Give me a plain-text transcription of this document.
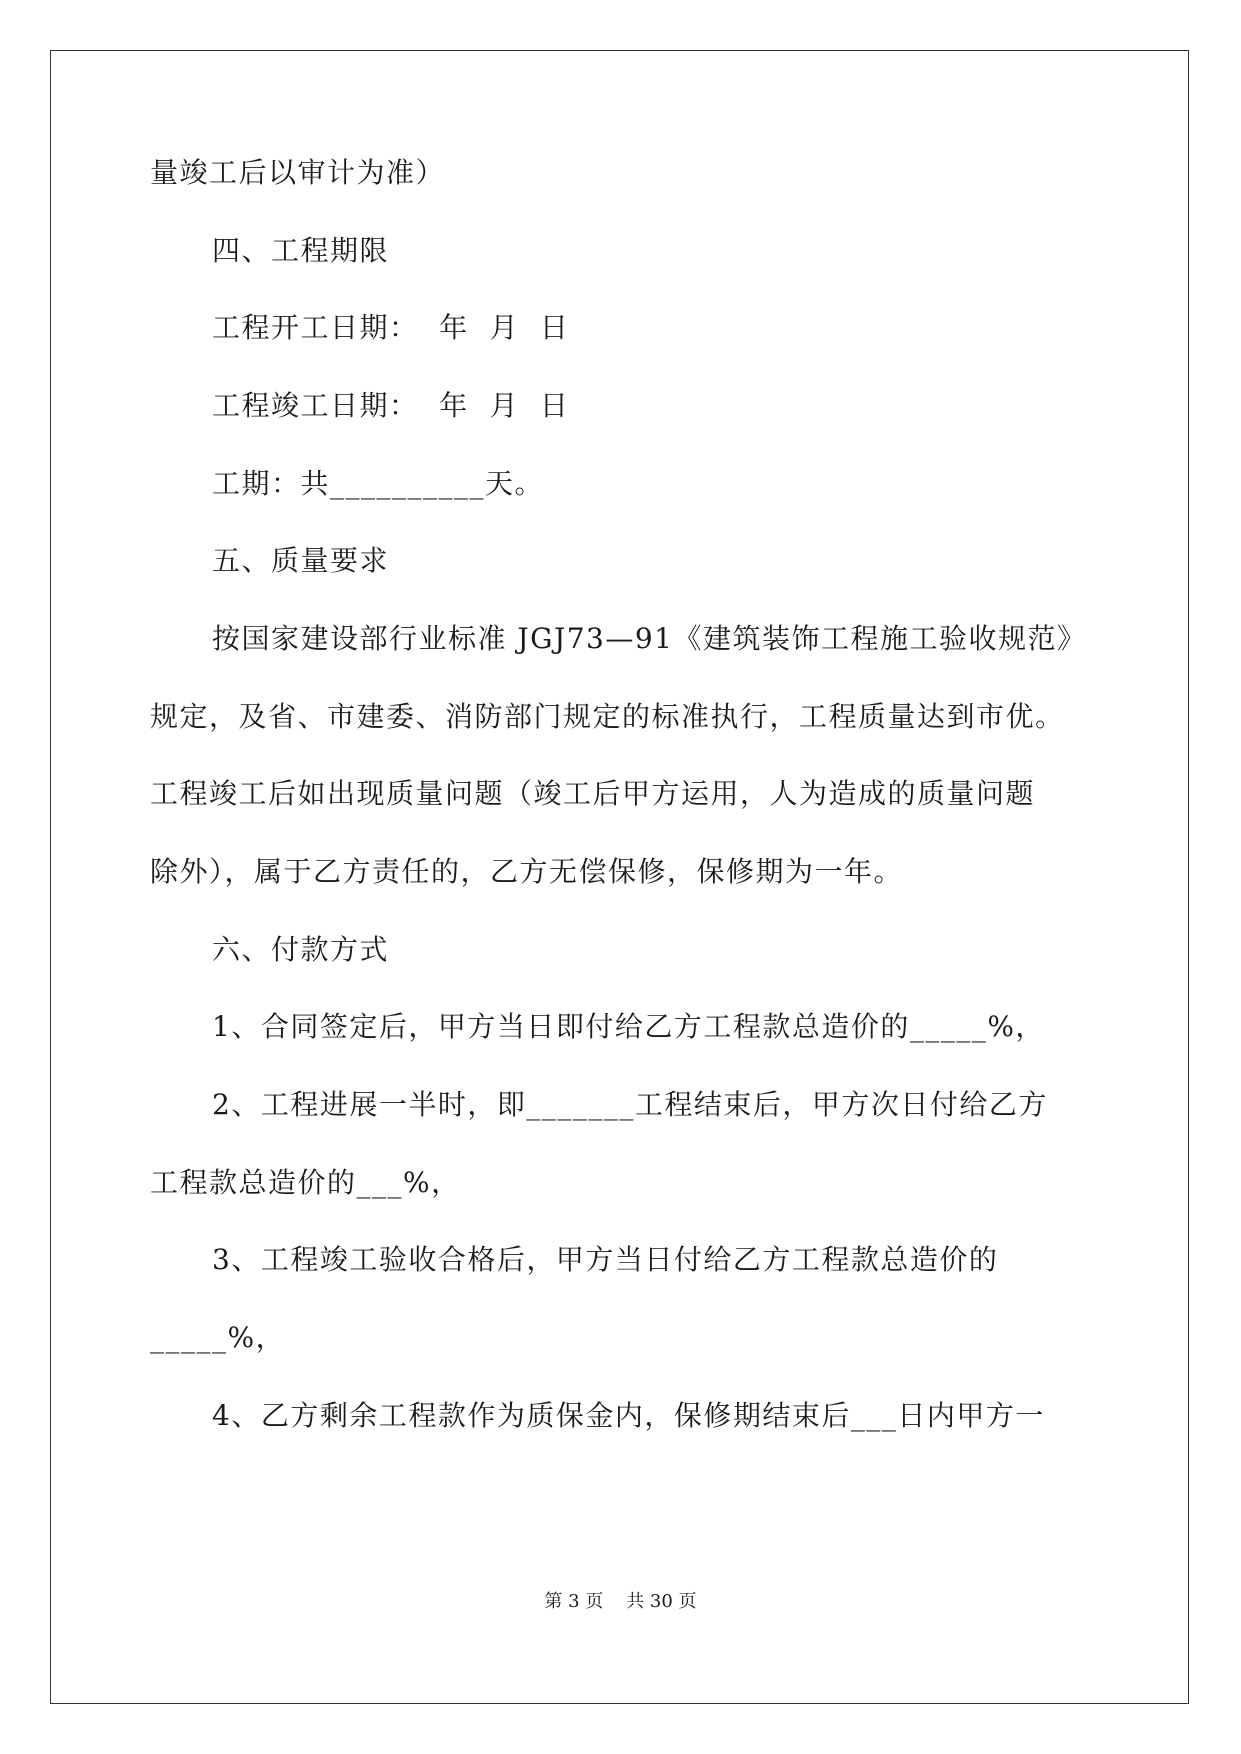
量竣工后以审计为准）
四、工程期限
工程开工日期：  年  月  日
工程竣工日期：  年  月  日
工期：共__________天。
五、质量要求
按国家建设部行业标准 JGJ73—91《建筑装饰工程施工验收规范》
规定，及省、市建委、消防部门规定的标准执行，工程质量达到市优。
工程竣工后如出现质量问题（竣工后甲方运用，人为造成的质量问题
除外），属于乙方责任的，乙方无偿保修，保修期为一年。
六、付款方式
1、合同签定后，甲方当日即付给乙方工程款总造价的_____%，
2、工程进展一半时，即_______工程结束后，甲方次日付给乙方
工程款总造价的___%，
3、工程竣工验收合格后，甲方当日付给乙方工程款总造价的
_____%，
4、乙方剩余工程款作为质保金内，保修期结束后___日内甲方一
第 3 页    共 30 页
